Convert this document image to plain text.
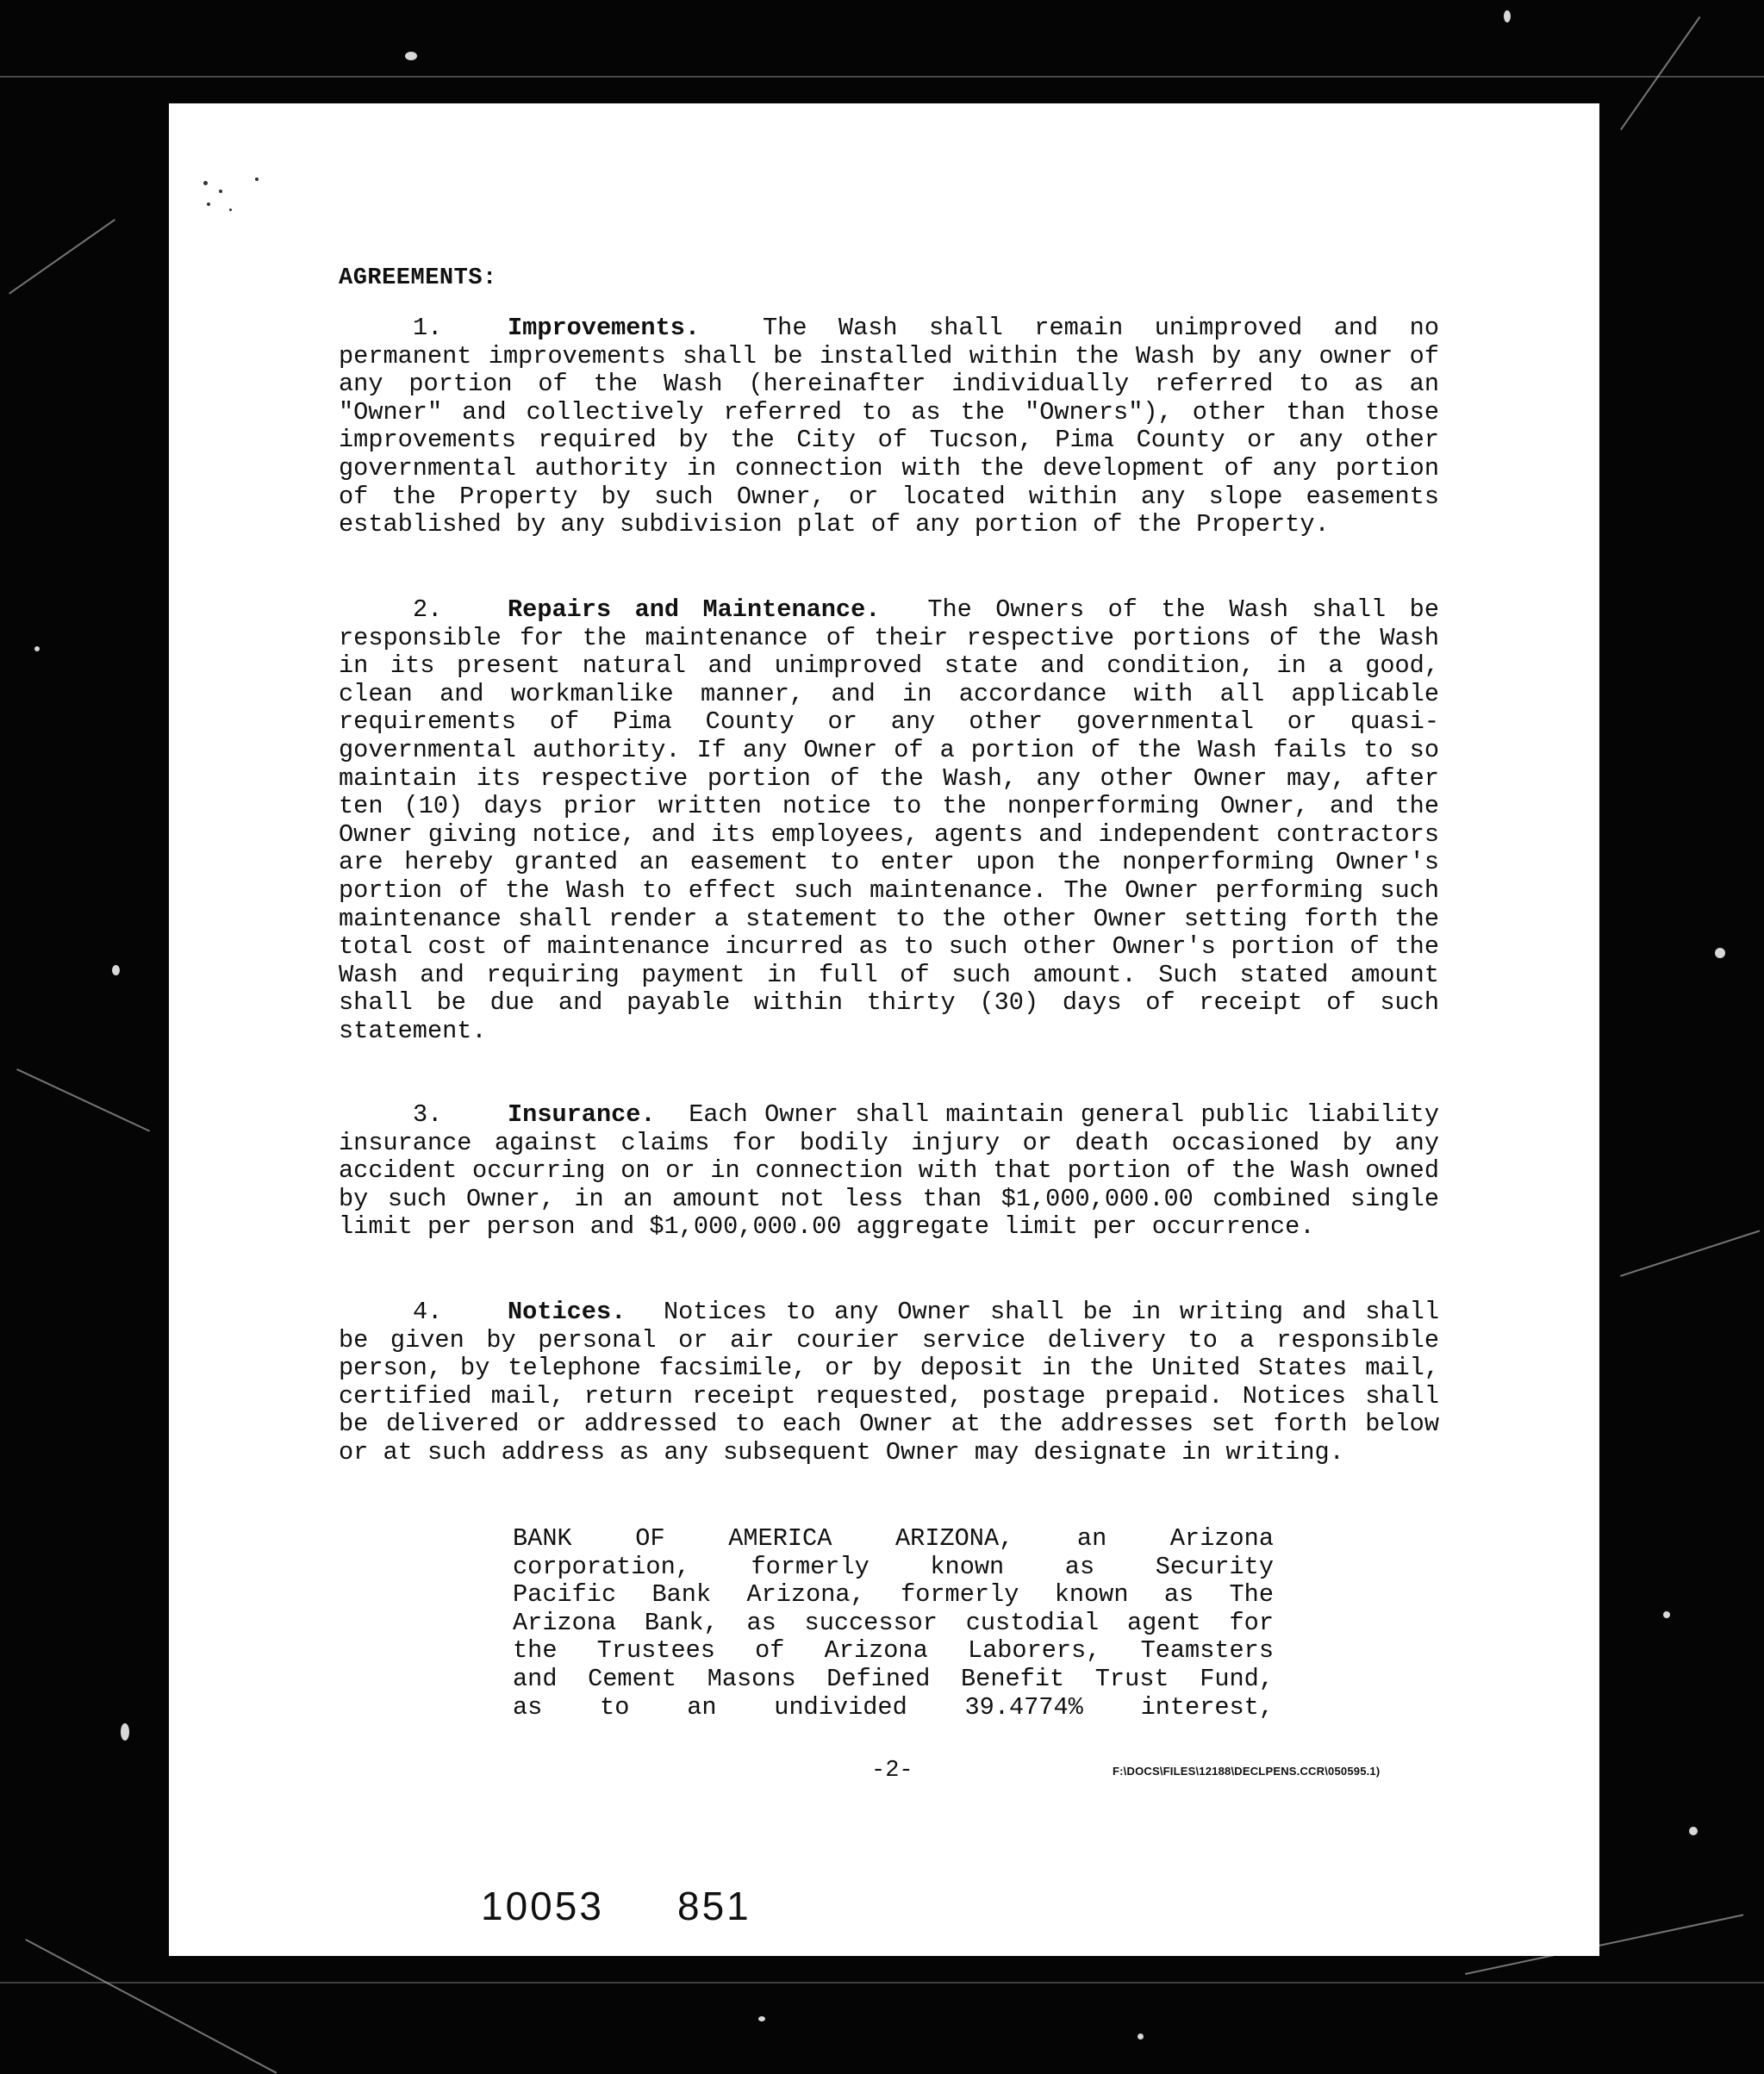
AGREEMENTS:
1.	Improvements.	The Wash shall remain unimproved and no permanent improvements shall be installed within the Wash by any owner of any portion of the Wash (hereinafter individually referred to as an "Owner" and collectively referred to as the "Owners"), other than those improvements required by the City of Tucson, Pima County or any other governmental authority in connection with the development of any portion of the Property by such Owner, or located within any slope easements established by any subdivision plat of any portion of the Property.
2.	Repairs and Maintenance. The Owners of the Wash shall be responsible for the maintenance of their respective portions of the Wash in its present natural and unimproved state and condition, in a good, clean and workmanlike manner, and in accordance with all applicable requirements of Pima County or any other governmental or quasi-governmental authority. If any Owner of a portion of the Wash fails to so maintain its respective portion of the Wash, any other Owner may, after ten (10) days prior written notice to the nonperforming Owner, and the Owner giving notice, and its employees, agents and independent contractors are hereby granted an easement to enter upon the nonperforming Owner's portion of the Wash to effect such maintenance. The Owner performing such maintenance shall render a statement to the other Owner setting forth the total cost of maintenance incurred as to such other Owner's portion of the Wash and requiring payment in full of such amount. Such stated amount shall be due and payable within thirty (30) days of receipt of such statement.
3.	Insurance. Each Owner shall maintain general public liability insurance against claims for bodily injury or death occasioned by any accident occurring on or in connection with that portion of the Wash owned by such Owner, in an amount not less than $1,000,000.00 combined single limit per person and $1,000,000.00 aggregate limit per occurrence.
4.	Notices. Notices to any Owner shall be in writing and shall be given by personal or air courier service delivery to a responsible person, by telephone facsimile, or by deposit in the United States mail, certified mail, return receipt requested, postage prepaid. Notices shall be delivered or addressed to each Owner at the addresses set forth below or at such address as any subsequent Owner may designate in writing.
BANK OF AMERICA ARIZONA, an Arizona
corporation, formerly known as Security
Pacific Bank Arizona, formerly known as The
Arizona Bank, as successor custodial agent for
the Trustees of Arizona Laborers, Teamsters
and Cement Masons Defined Benefit Trust Fund,
as to an undivided 39.4774% interest,
-2-	F:\DOCS\FILES\12188\DECLPENS.CCR\050595.1)
10053 851
